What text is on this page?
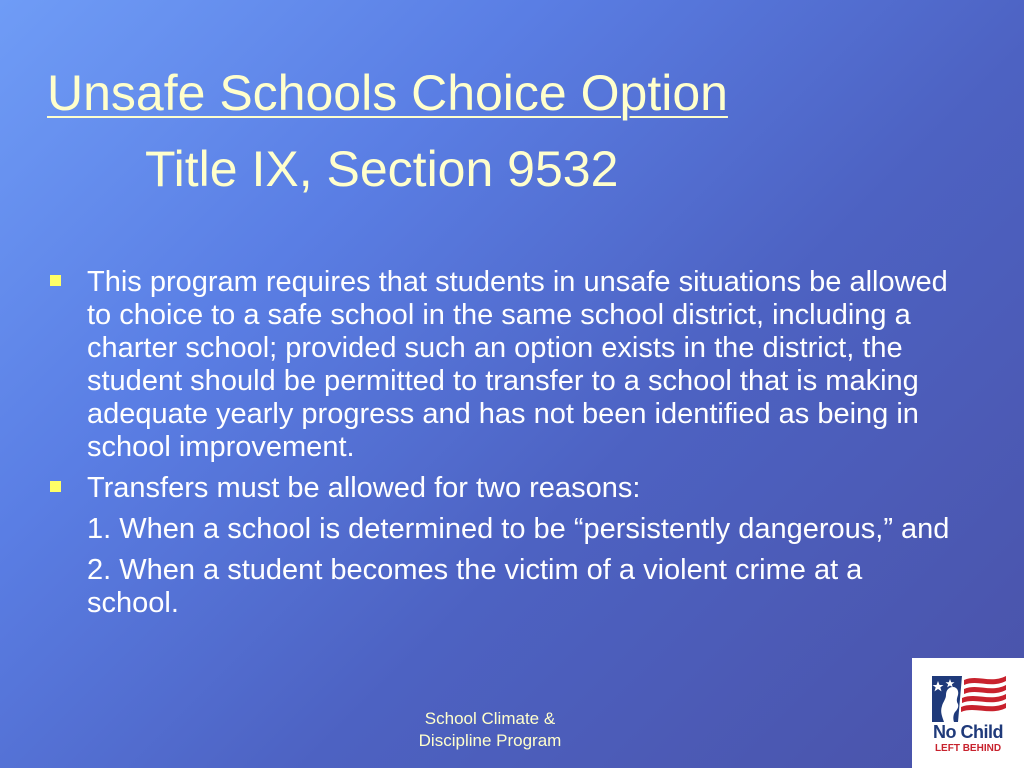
Unsafe Schools Choice Option
Title IX, Section 9532
This program requires that students in unsafe situations be allowed to choice to a safe school in the same school district, including a charter school; provided such an option exists in the district, the student should be permitted to transfer to a school that is making adequate yearly progress and has not been identified as being in school improvement.
Transfers must be allowed for two reasons:
1. When a school is determined to be “persistently dangerous,” and
2. When a student becomes the victim of a violent crime at a school.
School Climate &
Discipline Program	No Child
LEFT BEHIND
